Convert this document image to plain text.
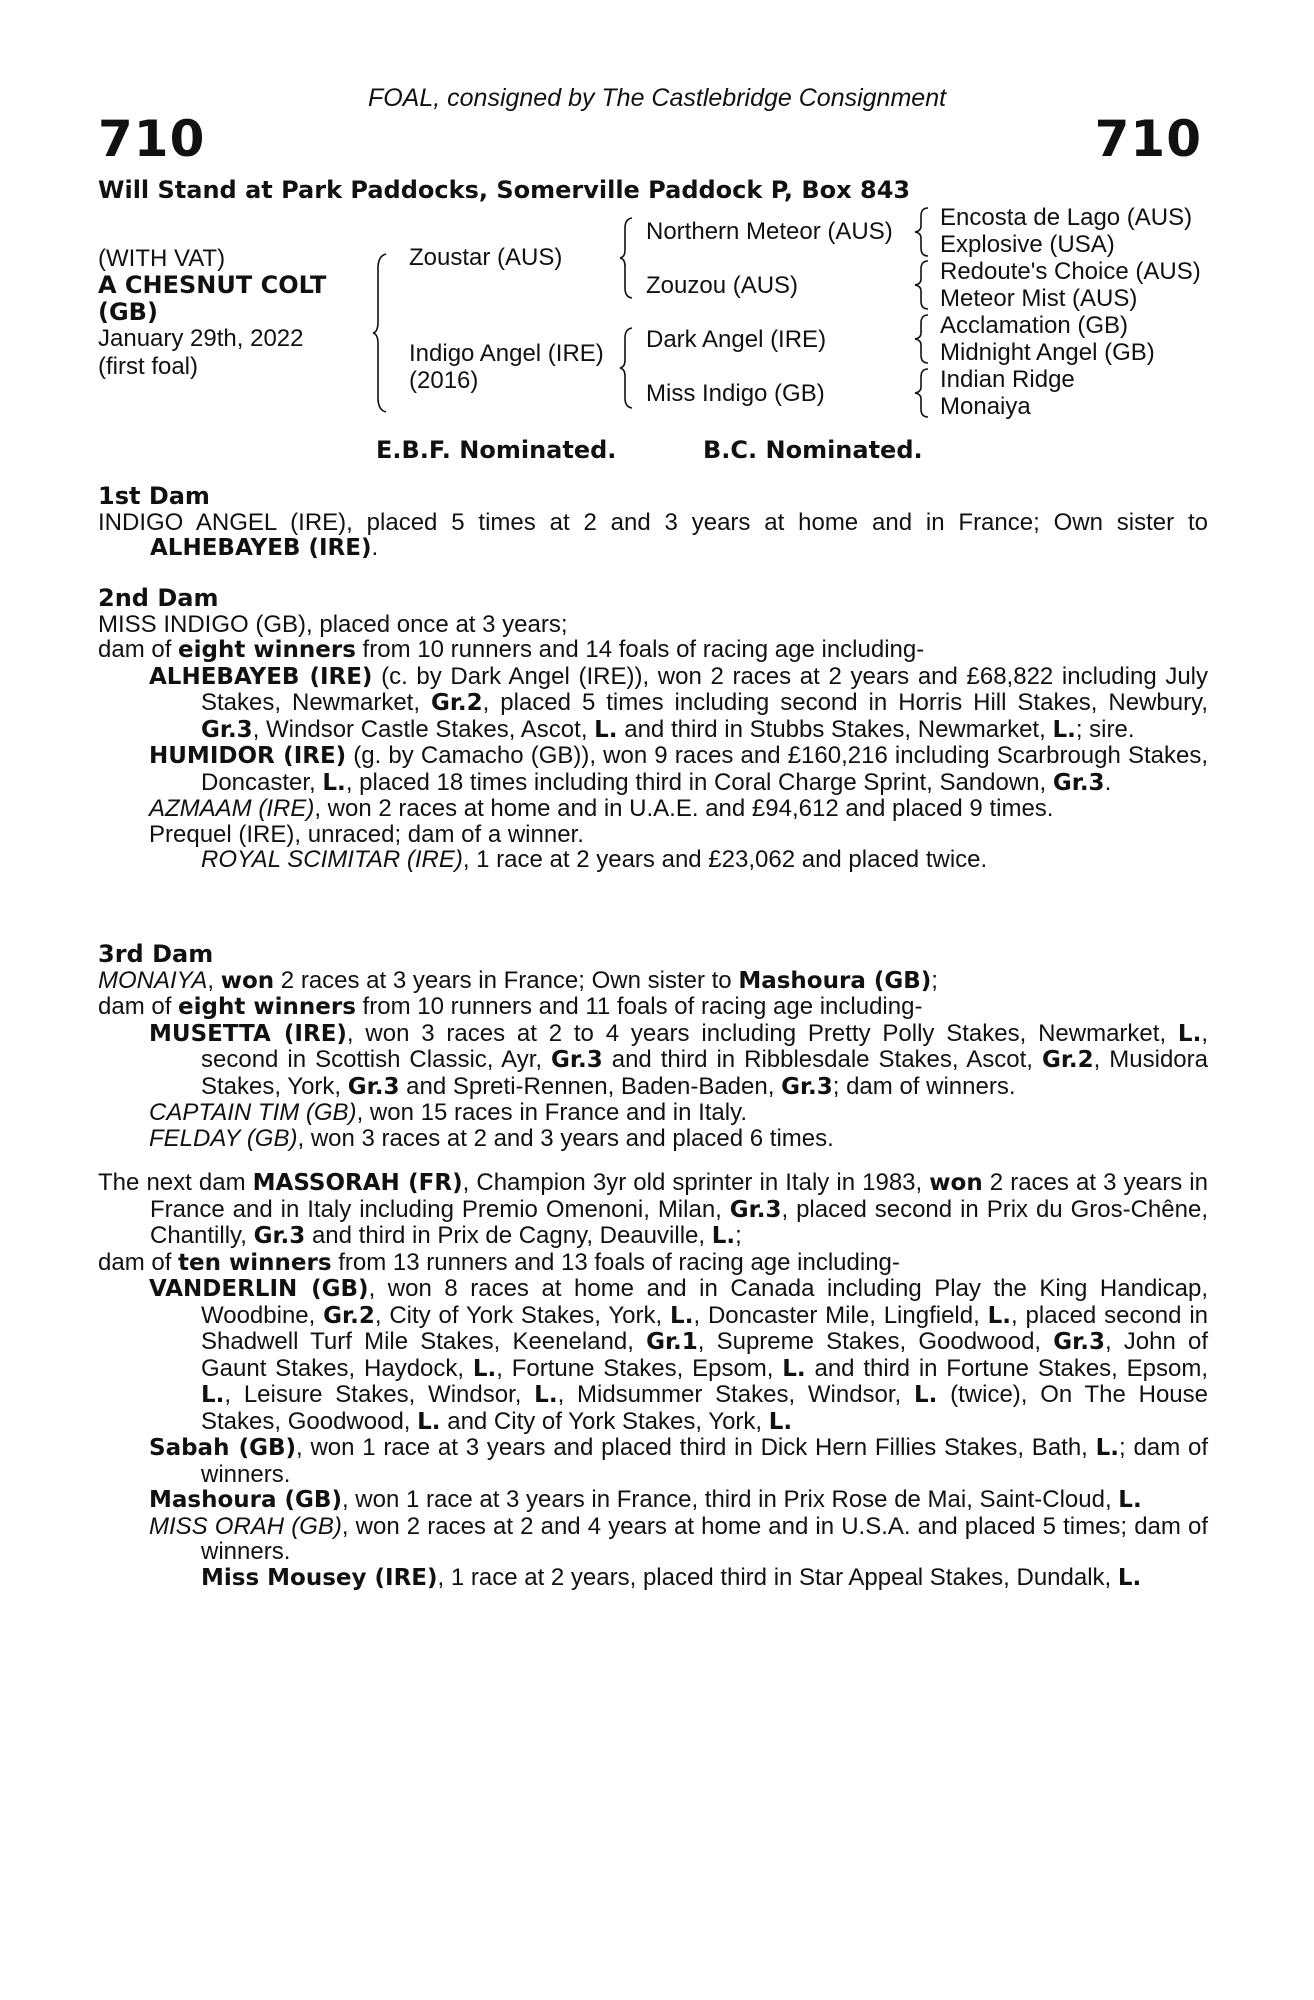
FOAL, consigned by The Castlebridge Consignment
710	710
Will Stand at Park Paddocks, Somerville Paddock P, Box 843
(WITH VAT)
A CHESNUT COLT
(GB)
January 29th, 2022
(first foal)
Zoustar (AUS)
Indigo Angel (IRE)
(2016)
Northern Meteor (AUS)
Zouzou (AUS)
Dark Angel (IRE)
Miss Indigo (GB)
Encosta de Lago (AUS)
Explosive (USA)
Redoute's Choice (AUS)
Meteor Mist (AUS)
Acclamation (GB)
Midnight Angel (GB)
Indian Ridge
Monaiya
E.B.F. Nominated.	B.C. Nominated.
1st Dam
INDIGO ANGEL (IRE), placed 5 times at 2 and 3 years at home and in France; Own sister to ALHEBAYEB (IRE).
2nd Dam
MISS INDIGO (GB), placed once at 3 years;
dam of eight winners from 10 runners and 14 foals of racing age including-
ALHEBAYEB (IRE) (c. by Dark Angel (IRE)), won 2 races at 2 years and £68,822 including July Stakes, Newmarket, Gr.2, placed 5 times including second in Horris Hill Stakes, Newbury, Gr.3, Windsor Castle Stakes, Ascot, L. and third in Stubbs Stakes, Newmarket, L.; sire.
HUMIDOR (IRE) (g. by Camacho (GB)), won 9 races and £160,216 including Scarbrough Stakes, Doncaster, L., placed 18 times including third in Coral Charge Sprint, Sandown, Gr.3.
AZMAAM (IRE), won 2 races at home and in U.A.E. and £94,612 and placed 9 times.
Prequel (IRE), unraced; dam of a winner.
ROYAL SCIMITAR (IRE), 1 race at 2 years and £23,062 and placed twice.
3rd Dam
MONAIYA, won 2 races at 3 years in France; Own sister to Mashoura (GB);
dam of eight winners from 10 runners and 11 foals of racing age including-
MUSETTA (IRE), won 3 races at 2 to 4 years including Pretty Polly Stakes, Newmarket, L., second in Scottish Classic, Ayr, Gr.3 and third in Ribblesdale Stakes, Ascot, Gr.2, Musidora Stakes, York, Gr.3 and Spreti-Rennen, Baden-Baden, Gr.3; dam of winners.
CAPTAIN TIM (GB), won 15 races in France and in Italy.
FELDAY (GB), won 3 races at 2 and 3 years and placed 6 times.
The next dam MASSORAH (FR), Champion 3yr old sprinter in Italy in 1983, won 2 races at 3 years in France and in Italy including Premio Omenoni, Milan, Gr.3, placed second in Prix du Gros-Chêne, Chantilly, Gr.3 and third in Prix de Cagny, Deauville, L.;
dam of ten winners from 13 runners and 13 foals of racing age including-
VANDERLIN (GB), won 8 races at home and in Canada including Play the King Handicap, Woodbine, Gr.2, City of York Stakes, York, L., Doncaster Mile, Lingfield, L., placed second in Shadwell Turf Mile Stakes, Keeneland, Gr.1, Supreme Stakes, Goodwood, Gr.3, John of Gaunt Stakes, Haydock, L., Fortune Stakes, Epsom, L. and third in Fortune Stakes, Epsom, L., Leisure Stakes, Windsor, L., Midsummer Stakes, Windsor, L. (twice), On The House Stakes, Goodwood, L. and City of York Stakes, York, L.
Sabah (GB), won 1 race at 3 years and placed third in Dick Hern Fillies Stakes, Bath, L.; dam of winners.
Mashoura (GB), won 1 race at 3 years in France, third in Prix Rose de Mai, Saint-Cloud, L.
MISS ORAH (GB), won 2 races at 2 and 4 years at home and in U.S.A. and placed 5 times; dam of winners.
Miss Mousey (IRE), 1 race at 2 years, placed third in Star Appeal Stakes, Dundalk, L.
